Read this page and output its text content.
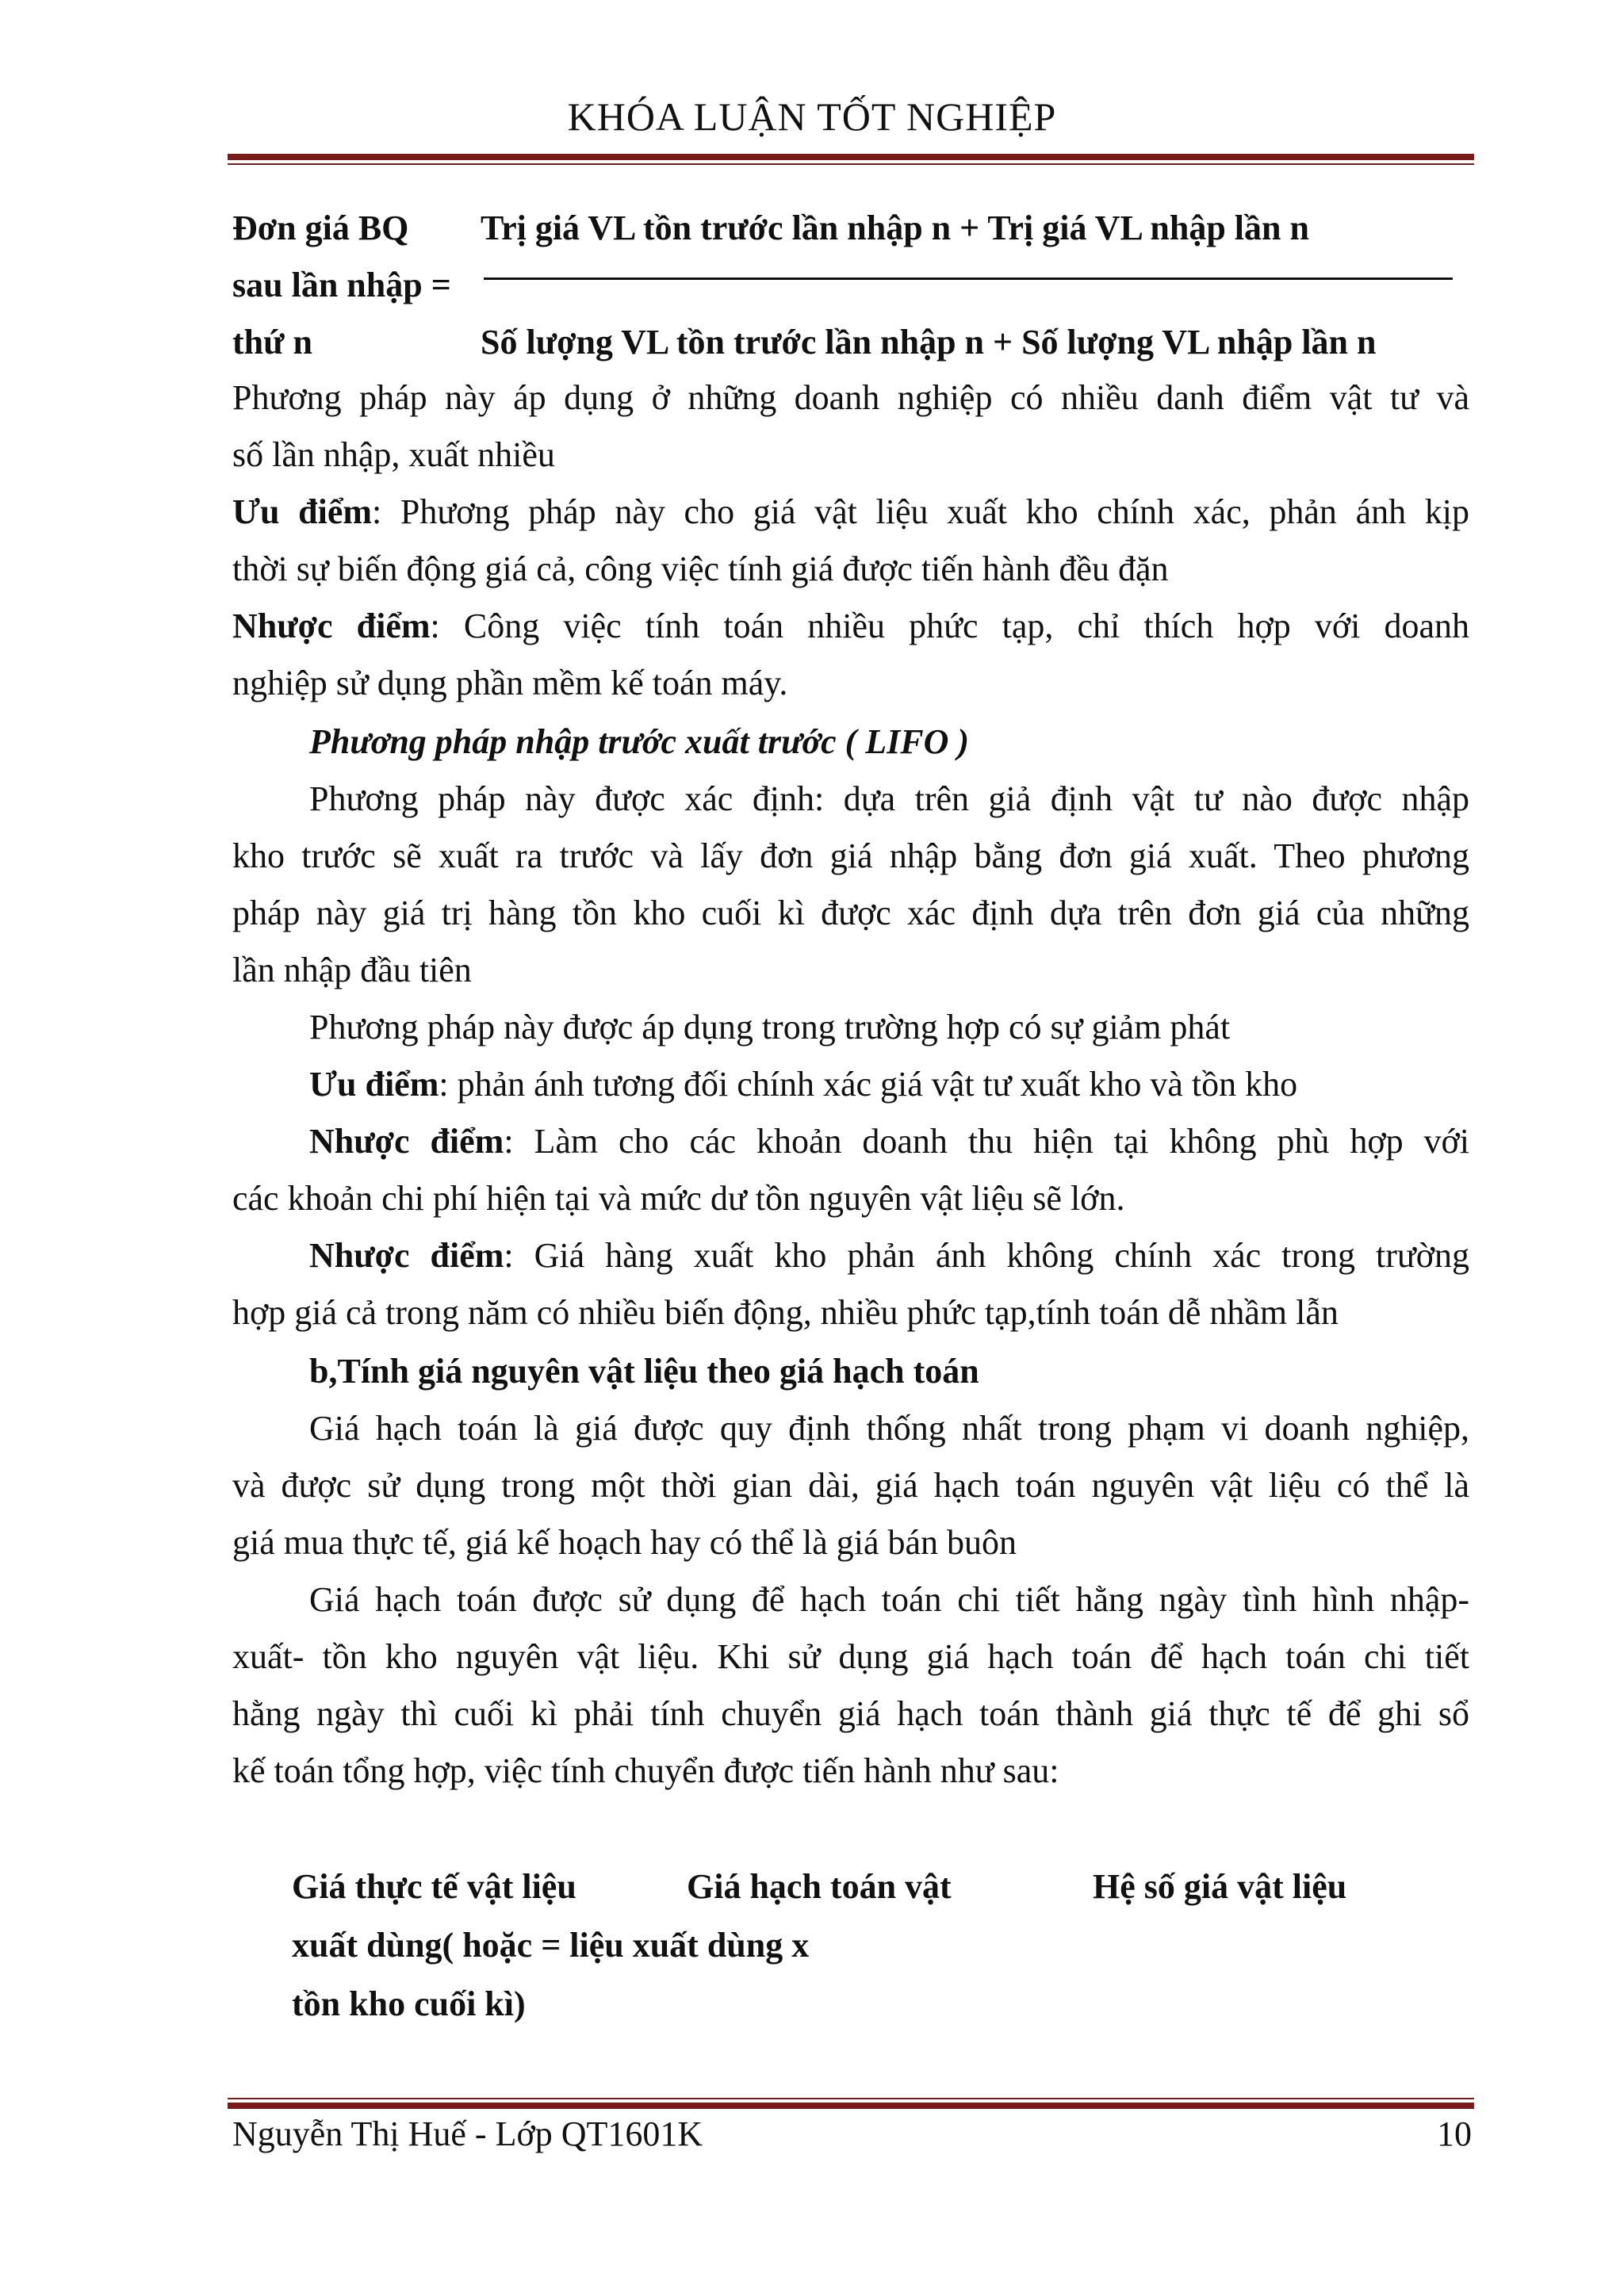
KHÓA LUẬN TỐT NGHIỆP
Đơn giá BQ Trị giá VL tồn trước lần nhập n + Trị giá VL nhập lần n
sau lần nhập =
thứ n	Số lượng VL tồn trước lần nhập n + Số lượng VL nhập lần n
Phương pháp này áp dụng ở những doanh nghiệp có nhiều danh điểm vật tư và
số lần nhập, xuất nhiều
Ưu điểm: Phương pháp này cho giá vật liệu xuất kho chính xác, phản ánh kịp
thời sự biến động giá cả, công việc tính giá được tiến hành đều đặn
Nhược điểm: Công việc tính toán nhiều phức tạp, chỉ thích hợp với doanh
nghiệp sử dụng phần mềm kế toán máy.
Phương pháp nhập trước xuất trước ( LIFO )
Phương pháp này được xác định: dựa trên giả định vật tư nào được nhập
kho trước sẽ xuất ra trước và lấy đơn giá nhập bằng đơn giá xuất. Theo phương
pháp này giá trị hàng tồn kho cuối kì được xác định dựa trên đơn giá của những
lần nhập đầu tiên
Phương pháp này được áp dụng trong trường hợp có sự giảm phát
Ưu điểm: phản ánh tương đối chính xác giá vật tư xuất kho và tồn kho
Nhược điểm: Làm cho các khoản doanh thu hiện tại không phù hợp với
các khoản chi phí hiện tại và mức dư tồn nguyên vật liệu sẽ lớn.
Nhược điểm: Giá hàng xuất kho phản ánh không chính xác trong trường
hợp giá cả trong năm có nhiều biến động, nhiều phức tạp,tính toán dễ nhầm lẫn
b,Tính giá nguyên vật liệu theo giá hạch toán
Giá hạch toán là giá được quy định thống nhất trong phạm vi doanh nghiệp,
và được sử dụng trong một thời gian dài, giá hạch toán nguyên vật liệu có thể là
giá mua thực tế, giá kế hoạch hay có thể là giá bán buôn
Giá hạch toán được sử dụng để hạch toán chi tiết hằng ngày tình hình nhập-
xuất- tồn kho nguyên vật liệu. Khi sử dụng giá hạch toán để hạch toán chi tiết
hằng ngày thì cuối kì phải tính chuyển giá hạch toán thành giá thực tế để ghi sổ
kế toán tổng hợp, việc tính chuyển được tiến hành như sau:
Giá thực tế vật liệu	Giá hạch toán vật	Hệ số giá vật liệu
xuất dùng( hoặc = liệu xuất dùng x
tồn kho cuối kì)
Nguyễn Thị Huế - Lớp QT1601K	10
